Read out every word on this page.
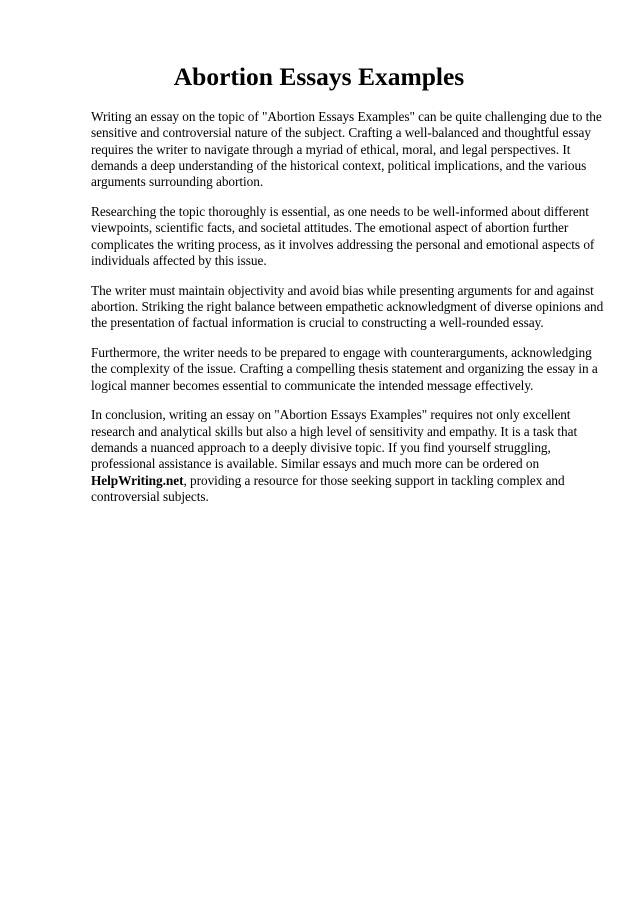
Abortion Essays Examples

Writing an essay on the topic of "Abortion Essays Examples" can be quite challenging due to the
sensitive and controversial nature of the subject. Crafting a well-balanced and thoughtful essay
requires the writer to navigate through a myriad of ethical, moral, and legal perspectives. It
demands a deep understanding of the historical context, political implications, and the various
arguments surrounding abortion.

Researching the topic thoroughly is essential, as one needs to be well-informed about different
viewpoints, scientific facts, and societal attitudes. The emotional aspect of abortion further
complicates the writing process, as it involves addressing the personal and emotional aspects of
individuals affected by this issue.

The writer must maintain objectivity and avoid bias while presenting arguments for and against
abortion. Striking the right balance between empathetic acknowledgment of diverse opinions and
the presentation of factual information is crucial to constructing a well-rounded essay.

Furthermore, the writer needs to be prepared to engage with counterarguments, acknowledging
the complexity of the issue. Crafting a compelling thesis statement and organizing the essay in a
logical manner becomes essential to communicate the intended message effectively.

In conclusion, writing an essay on "Abortion Essays Examples" requires not only excellent
research and analytical skills but also a high level of sensitivity and empathy. It is a task that
demands a nuanced approach to a deeply divisive topic. If you find yourself struggling,
professional assistance is available. Similar essays and much more can be ordered on
HelpWriting.net, providing a resource for those seeking support in tackling complex and
controversial subjects.
